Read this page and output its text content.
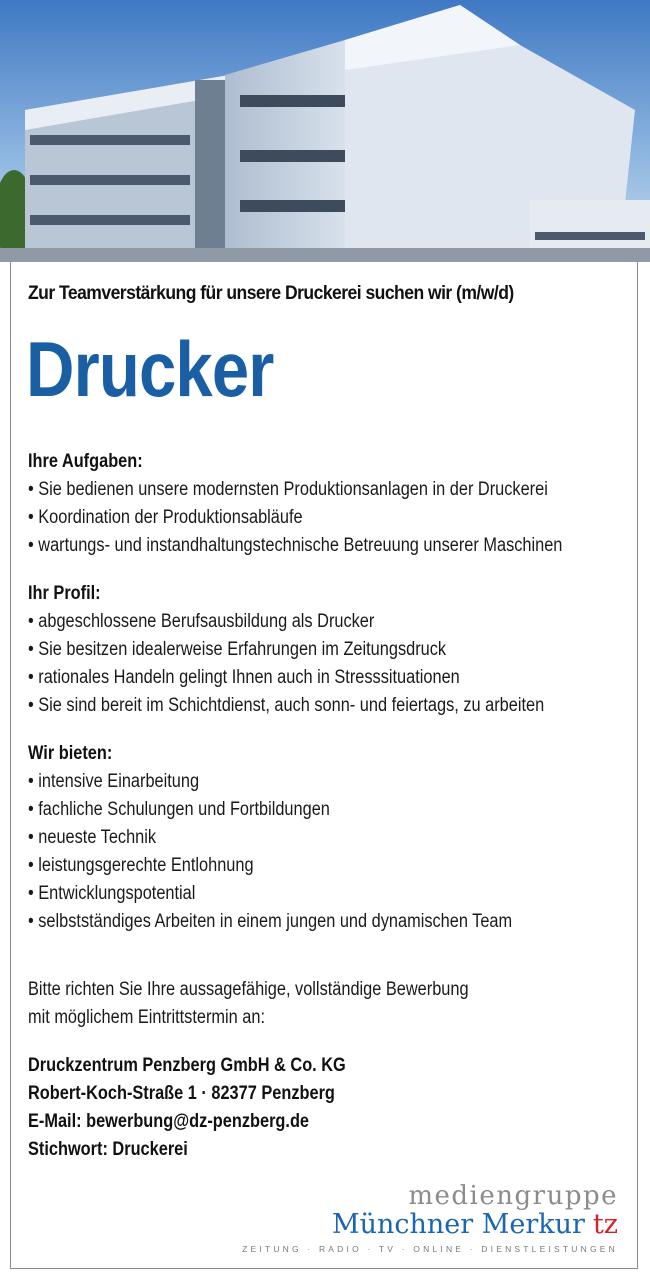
Zur Teamverstärkung für unsere Druckerei suchen wir (m/w/d)
Drucker
Ihre Aufgaben:
• Sie bedienen unsere modernsten Produktionsanlagen in der Druckerei
• Koordination der Produktionsabläufe
• wartungs- und instandhaltungstechnische Betreuung unserer Maschinen
Ihr Profil:
• abgeschlossene Berufsausbildung als Drucker
• Sie besitzen idealerweise Erfahrungen im Zeitungsdruck
• rationales Handeln gelingt Ihnen auch in Stresssituationen
• Sie sind bereit im Schichtdienst, auch sonn- und feiertags, zu arbeiten
Wir bieten:
• intensive Einarbeitung
• fachliche Schulungen und Fortbildungen
• neueste Technik
• leistungsgerechte Entlohnung
• Entwicklungspotential
• selbstständiges Arbeiten in einem jungen und dynamischen Team
Bitte richten Sie Ihre aussagefähige, vollständige Bewerbung
mit möglichem Eintrittstermin an:
Druckzentrum Penzberg GmbH & Co. KG
Robert-Koch-Straße 1 · 82377 Penzberg
E-Mail: bewerbung@dz-penzberg.de
Stichwort: Druckerei
mediengruppe
Münchner Merkur tz
ZEITUNG · RADIO · TV · ONLINE · DIENSTLEISTUNGEN
